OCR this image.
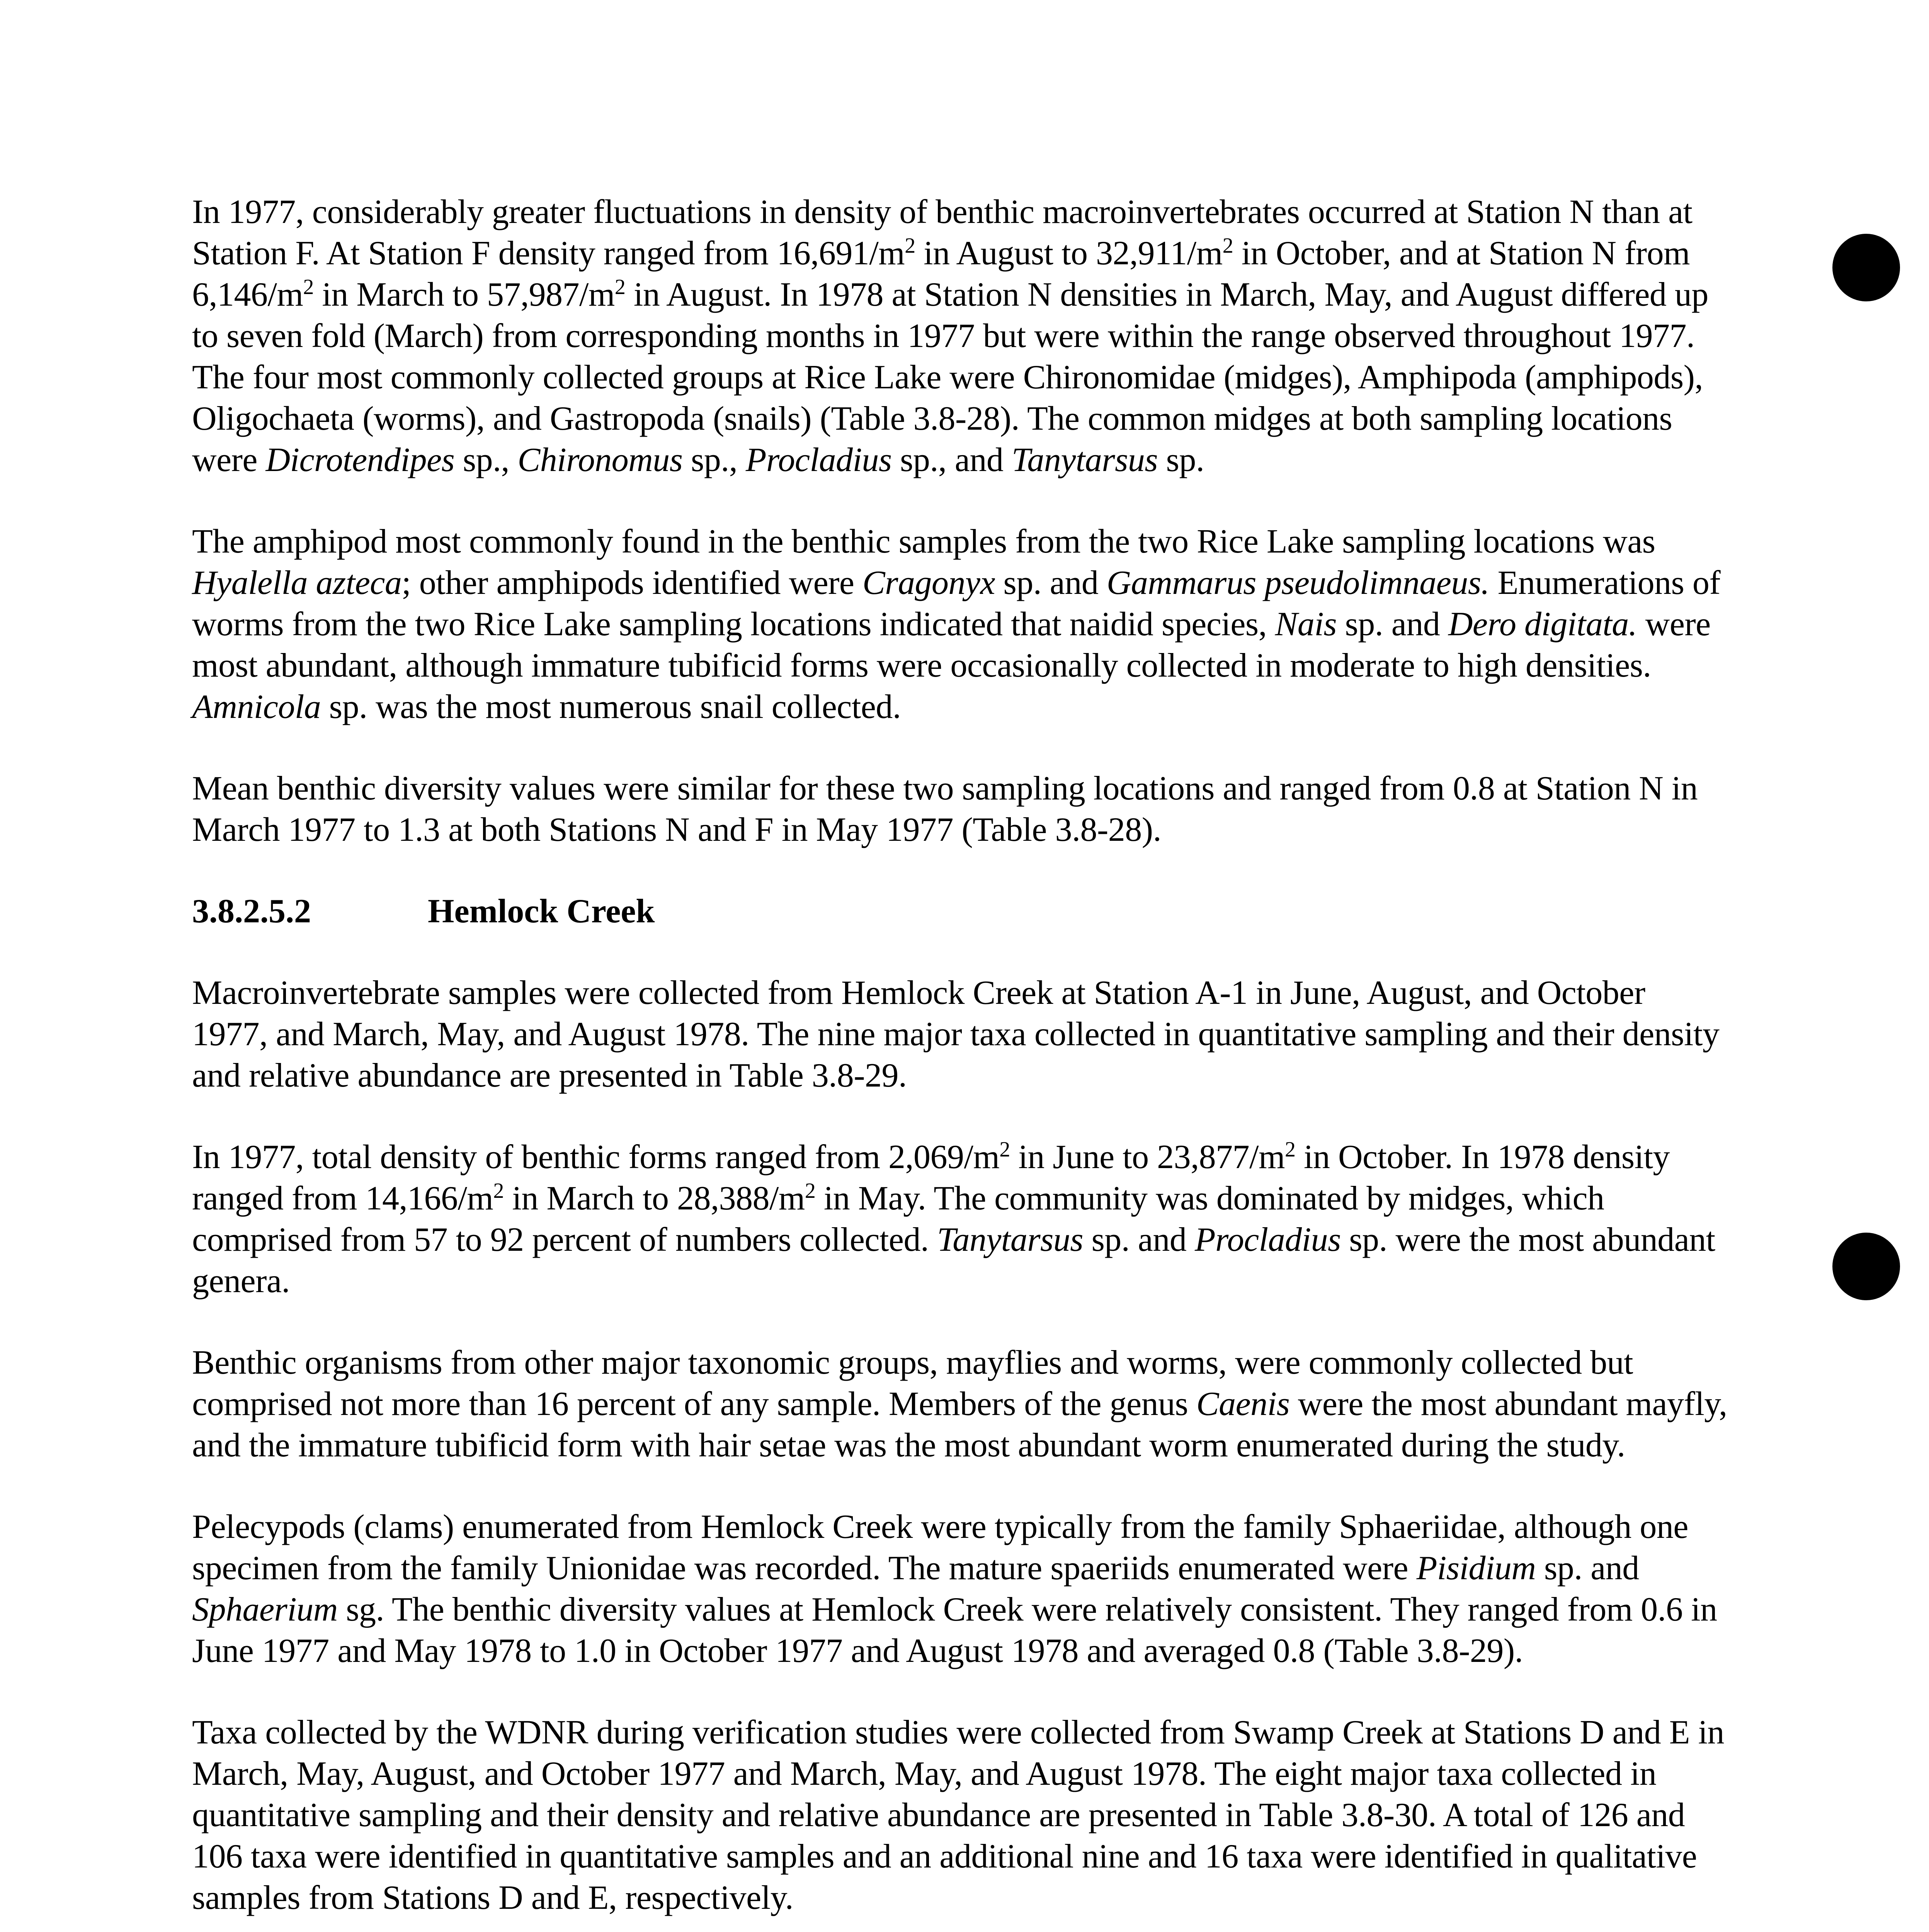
In 1977, considerably greater fluctuations in density of benthic macroinvertebrates occurred at Station N than at Station F. At Station F density ranged from $16,691/m^2$ in August to $32,911/m^2$ in October, and at Station N from $6,146/m^2$ in March to $57,987/m^2$ in August. In 1978 at Station N densities in March, May, and August differed up to seven fold (March) from corresponding months in 1977 but were within the range observed throughout 1977. The four most commonly collected groups at Rice Lake were Chironomidae (midges), Amphipoda (amphipods), Oligochaeta (worms), and Gastropoda (snails) (Table 3.8-28). The common midges at both sampling locations were Dicrotendipes sp., Chironomus sp., Procladius sp., and Tanytarsus sp.

The amphipod most commonly found in the benthic samples from the two Rice Lake sampling locations was Hyalella azteca; other amphipods identified were Cragonyx sp. and Gammarus pseudolimnaeus. Enumerations of worms from the two Rice Lake sampling locations indicated that naidid species, Nais sp. and Dero digitata. were most abundant, although immature tubificid forms were occasionally collected in moderate to high densities. Amnicola sp. was the most numerous snail collected.

Mean benthic diversity values were similar for these two sampling locations and ranged from 0.8 at Station N in March 1977 to 1.3 at both Stations N and F in May 1977 (Table 3.8-28).

3.8.2.5.2	Hemlock Creek

Macroinvertebrate samples were collected from Hemlock Creek at Station A-1 in June, August, and October 1977, and March, May, and August 1978. The nine major taxa collected in quantitative sampling and their density and relative abundance are presented in Table 3.8-29.

In 1977, total density of benthic forms ranged from $2,069/m^2$ in June to $23,877/m^2$ in October. In 1978 density ranged from $14,166/m^2$ in March to $28,388/m^2$ in May. The community was dominated by midges, which comprised from 57 to 92 percent of numbers collected. Tanytarsus sp. and Procladius sp. were the most abundant genera.

Benthic organisms from other major taxonomic groups, mayflies and worms, were commonly collected but comprised not more than 16 percent of any sample. Members of the genus Caenis were the most abundant mayfly, and the immature tubificid form with hair setae was the most abundant worm enumerated during the study.

Pelecypods (clams) enumerated from Hemlock Creek were typically from the family Sphaeriidae, although one specimen from the family Unionidae was recorded. The mature spaeriids enumerated were Pisidium sp. and Sphaerium sg. The benthic diversity values at Hemlock Creek were relatively consistent. They ranged from 0.6 in June 1977 and May 1978 to 1.0 in October 1977 and August 1978 and averaged 0.8 (Table 3.8-29).

Taxa collected by the WDNR during verification studies were collected from Swamp Creek at Stations D and E in March, May, August, and October 1977 and March, May, and August 1978. The eight major taxa collected in quantitative sampling and their density and relative abundance are presented in Table 3.8-30. A total of 126 and 106 taxa were identified in quantitative samples and an additional nine and 16 taxa were identified in qualitative samples from Stations D and E, respectively.
